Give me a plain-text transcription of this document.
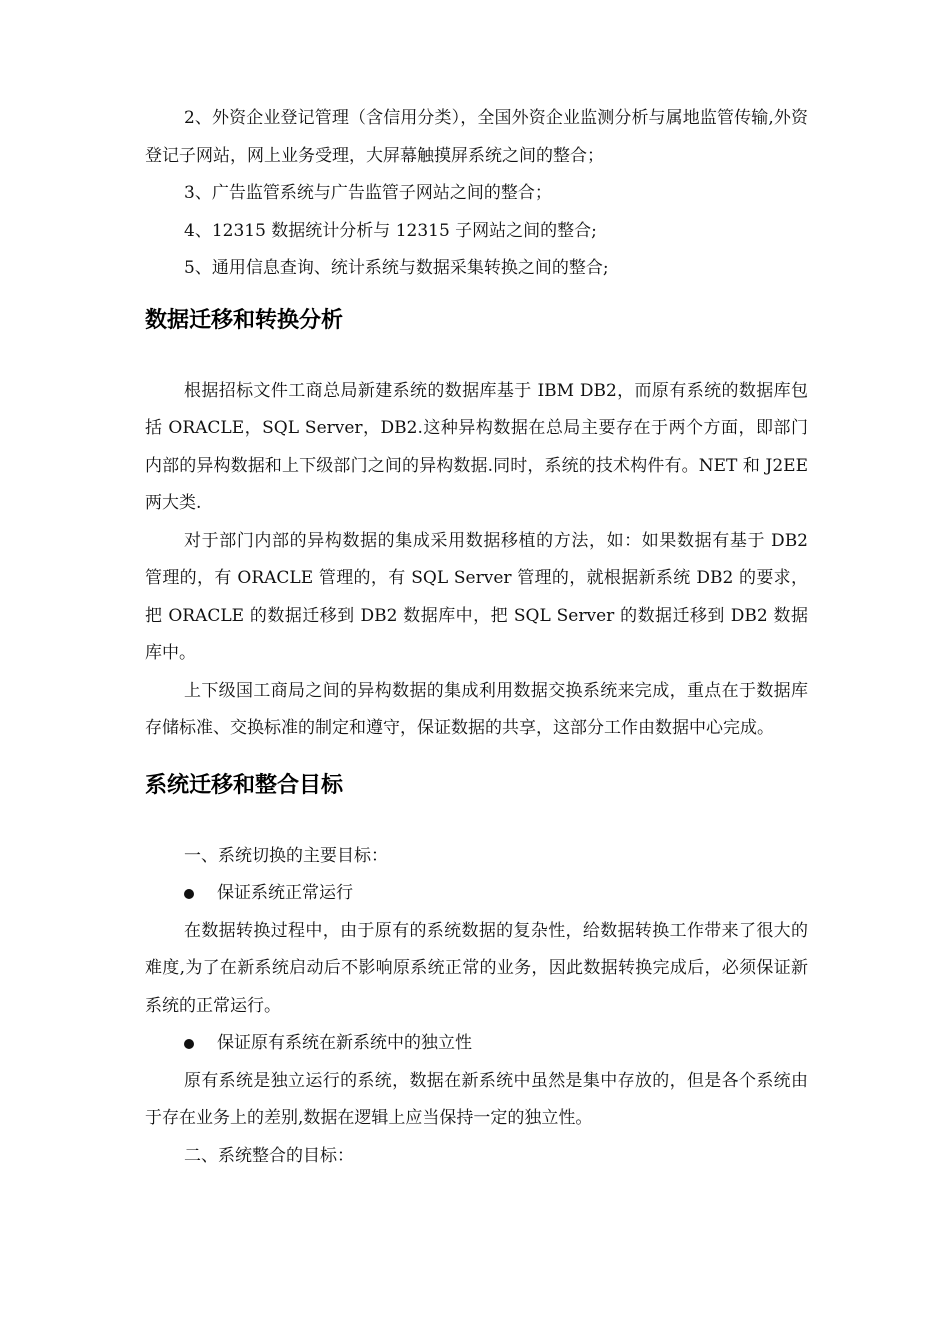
2、外资企业登记管理（含信用分类），全国外资企业监测分析与属地监管传输,外资登记子网站，网上业务受理，大屏幕触摸屏系统之间的整合；

3、广告监管系统与广告监管子网站之间的整合；

4、12315 数据统计分析与 12315 子网站之间的整合;

5、通用信息查询、统计系统与数据采集转换之间的整合;

数据迁移和转换分析

根据招标文件工商总局新建系统的数据库基于 IBM DB2，而原有系统的数据库包括 ORACLE，SQL Server，DB2.这种异构数据在总局主要存在于两个方面，即部门内部的异构数据和上下级部门之间的异构数据.同时，系统的技术构件有。NET 和 J2EE 两大类.

对于部门内部的异构数据的集成采用数据移植的方法，如：如果数据有基于 DB2 管理的，有 ORACLE 管理的，有 SQL Server 管理的，就根据新系统 DB2 的要求，把 ORACLE 的数据迁移到 DB2 数据库中，把 SQL Server 的数据迁移到 DB2 数据库中。

上下级国工商局之间的异构数据的集成利用数据交换系统来完成，重点在于数据库存储标准、交换标准的制定和遵守，保证数据的共享，这部分工作由数据中心完成。

系统迁移和整合目标

一、系统切换的主要目标：

保证系统正常运行

在数据转换过程中，由于原有的系统数据的复杂性，给数据转换工作带来了很大的难度,为了在新系统启动后不影响原系统正常的业务，因此数据转换完成后，必须保证新系统的正常运行。

保证原有系统在新系统中的独立性

原有系统是独立运行的系统，数据在新系统中虽然是集中存放的，但是各个系统由于存在业务上的差别,数据在逻辑上应当保持一定的独立性。

二、系统整合的目标：
